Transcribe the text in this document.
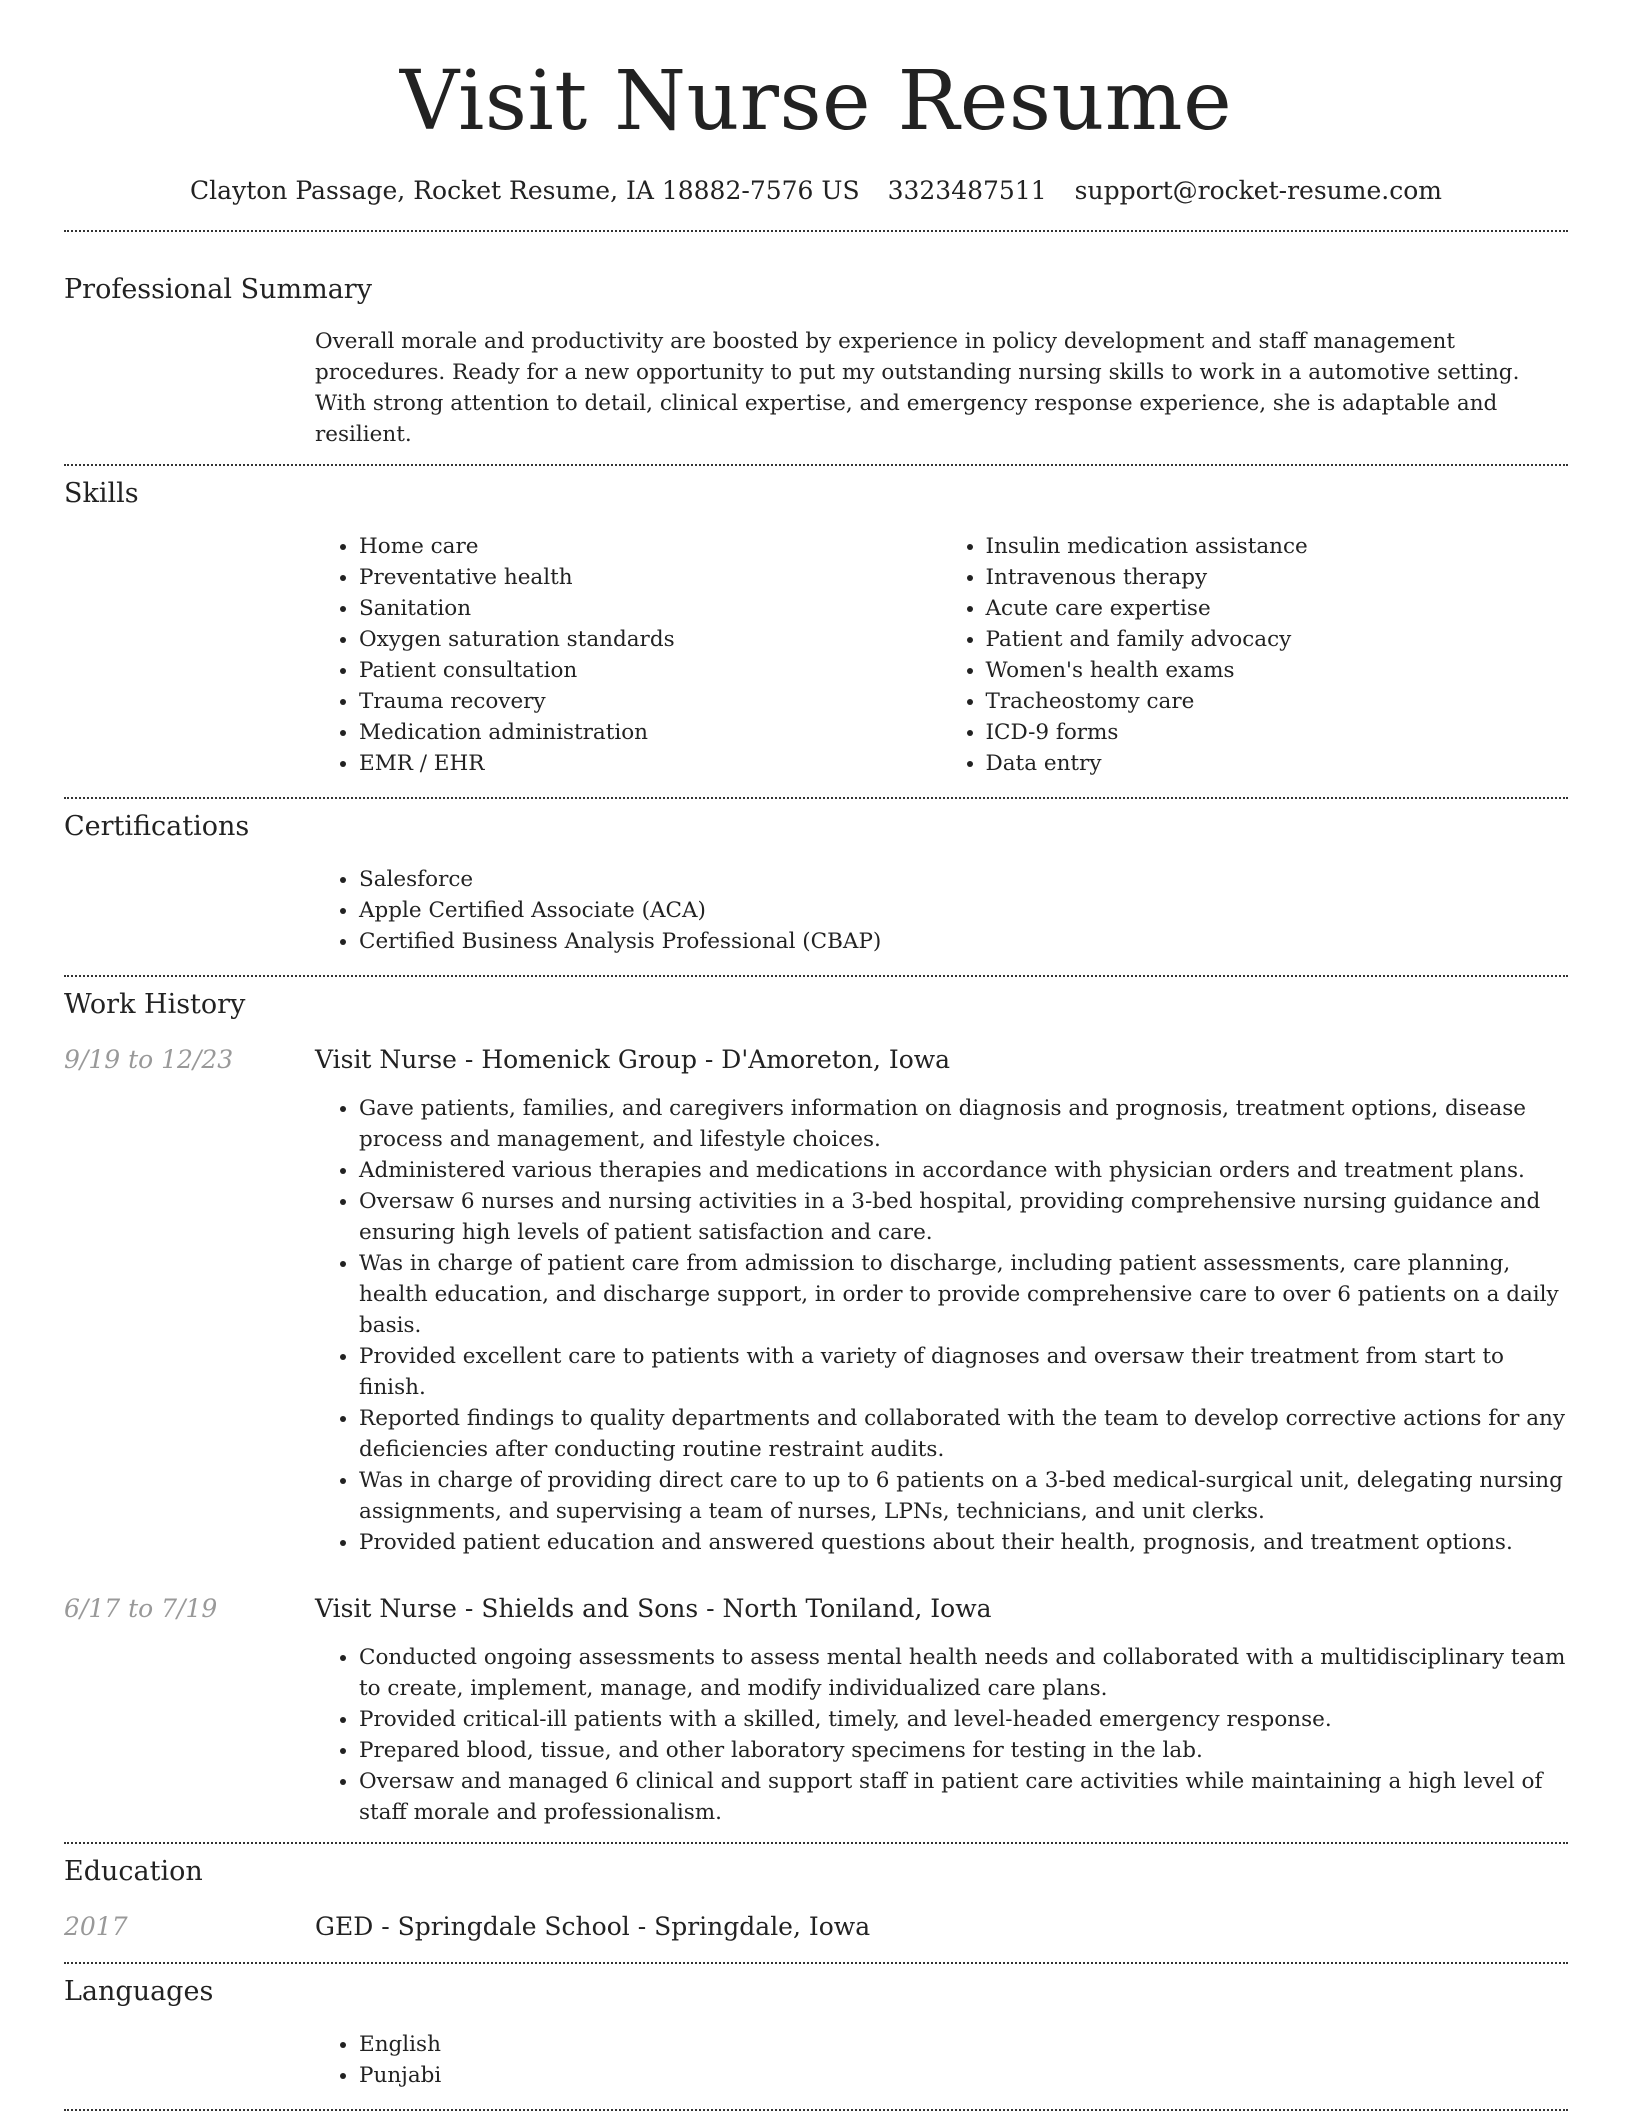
Visit Nurse Resume
Clayton Passage, Rocket Resume, IA 18882-7576 US 3323487511 support@rocket-resume.com
Professional Summary

Overall morale and productivity are boosted by experience in policy development and staff management procedures. Ready for a new opportunity to put my outstanding nursing skills to work in a automotive setting. With strong attention to detail, clinical expertise, and emergency response experience, she is adaptable and resilient.

Skills
• Home care
• Preventative health
• Sanitation
• Oxygen saturation standards
• Patient consultation
• Trauma recovery
• Medication administration
• EMR / EHR
• Insulin medication assistance
• Intravenous therapy
• Acute care expertise
• Patient and family advocacy
• Women's health exams
• Tracheostomy care
• ICD-9 forms
• Data entry
Certifications
• Salesforce
• Apple Certified Associate (ACA)
• Certified Business Analysis Professional (CBAP)
Work History
9/19 to 12/23	Visit Nurse - Homenick Group - D'Amoreton, Iowa
• Gave patients, families, and caregivers information on diagnosis and prognosis, treatment options, disease process and management, and lifestyle choices.
• Administered various therapies and medications in accordance with physician orders and treatment plans.
• Oversaw 6 nurses and nursing activities in a 3-bed hospital, providing comprehensive nursing guidance and ensuring high levels of patient satisfaction and care.
• Was in charge of patient care from admission to discharge, including patient assessments, care planning, health education, and discharge support, in order to provide comprehensive care to over 6 patients on a daily basis.
• Provided excellent care to patients with a variety of diagnoses and oversaw their treatment from start to finish.
• Reported findings to quality departments and collaborated with the team to develop corrective actions for any deficiencies after conducting routine restraint audits.
• Was in charge of providing direct care to up to 6 patients on a 3-bed medical-surgical unit, delegating nursing assignments, and supervising a team of nurses, LPNs, technicians, and unit clerks.
• Provided patient education and answered questions about their health, prognosis, and treatment options.
6/17 to 7/19	Visit Nurse - Shields and Sons - North Toniland, Iowa
• Conducted ongoing assessments to assess mental health needs and collaborated with a multidisciplinary team to create, implement, manage, and modify individualized care plans.
• Provided critical-ill patients with a skilled, timely, and level-headed emergency response.
• Prepared blood, tissue, and other laboratory specimens for testing in the lab.
• Oversaw and managed 6 clinical and support staff in patient care activities while maintaining a high level of staff morale and professionalism.
Education
2017	GED - Springdale School - Springdale, Iowa
Languages
• English
• Punjabi
